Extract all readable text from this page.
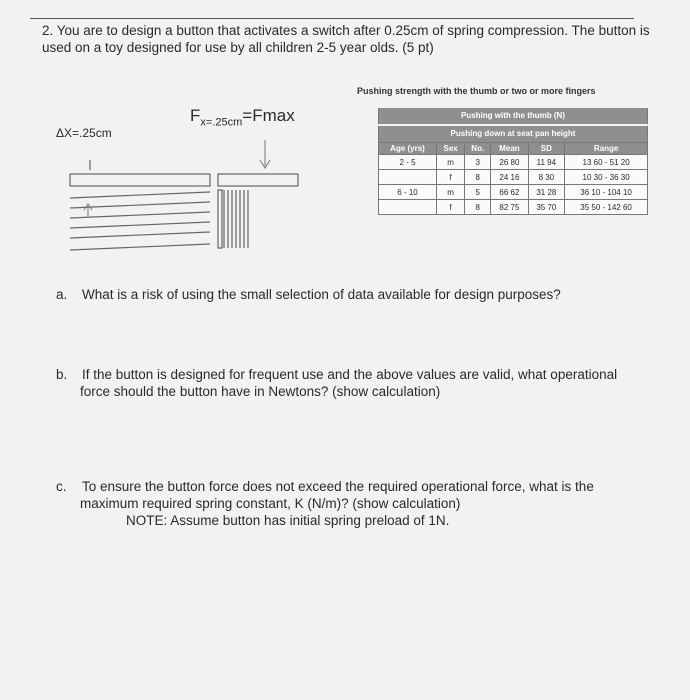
2. You are to design a button that activates a switch after 0.25cm of spring compression. The button is
used on a toy designed for use by all children 2-5 year olds. (5 pt)
Pushing strength with the thumb or two or more fingers
$F_{x=.25cm}=Fmax$
ΔX=.25cm
Pushing with the thumb (N)
Pushing down at seat pan height
Age (yrs)	Sex	No.	Mean	SD	Range
2 - 5	m	3	26 80	11 94	13 60 - 51 20
	f	8	24 16	8 30	10 30 - 36 30
6 - 10	m	5	66 62	31 28	36 10 - 104 10
	f	8	82 75	35 70	35 50 - 142 60
a. What is a risk of using the small selection of data available for design purposes?
b. If the button is designed for frequent use and the above values are valid, what operational
force should the button have in Newtons? (show calculation)
c. To ensure the button force does not exceed the required operational force, what is the
maximum required spring constant, K (N/m)? (show calculation)
NOTE: Assume button has initial spring preload of 1N.
